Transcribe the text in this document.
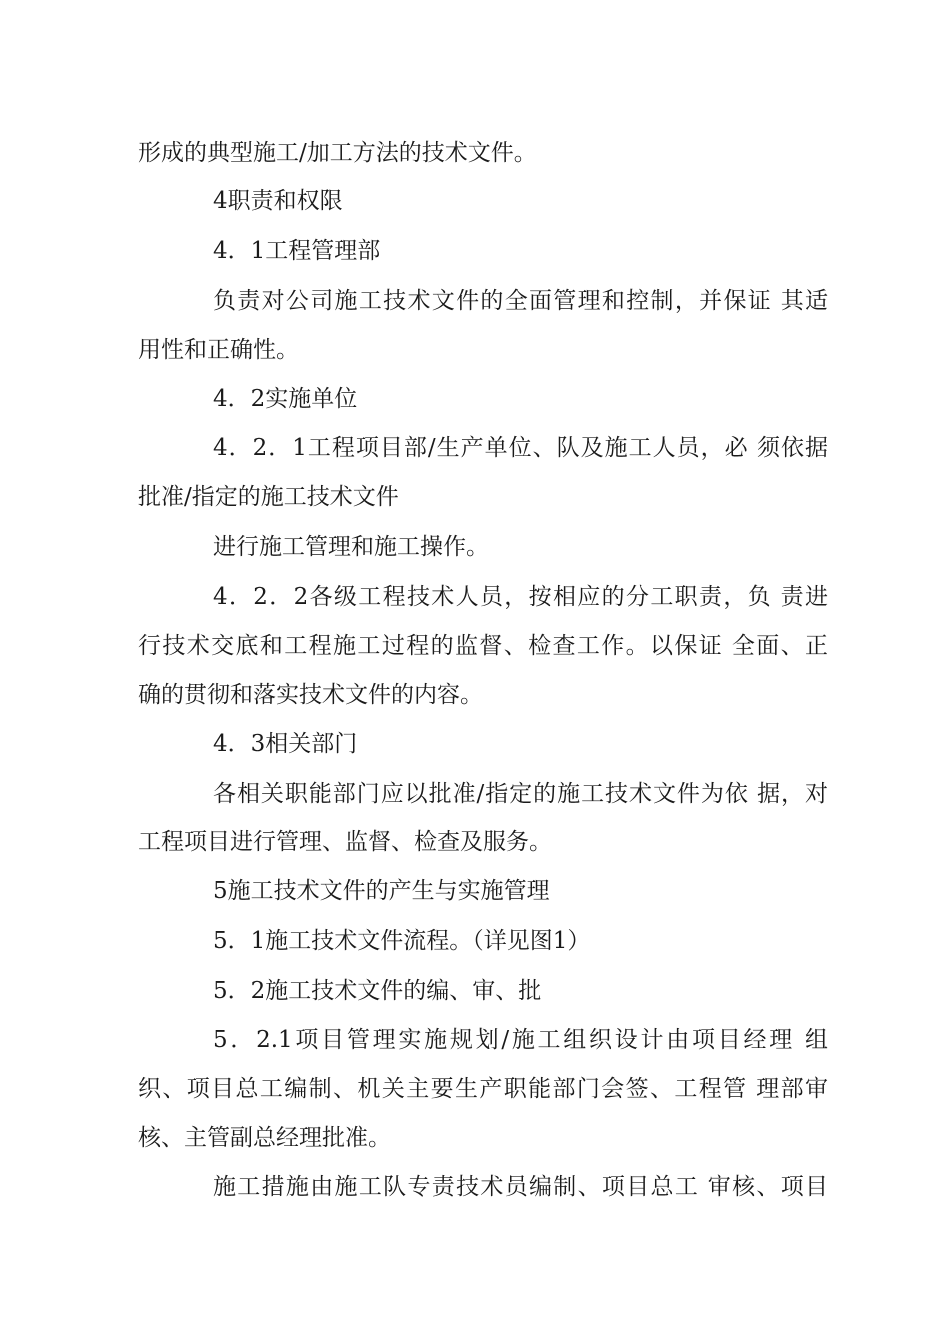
形成的典型施工/加工方法的技术文件。

4职责和权限

4．1工程管理部

负责对公司施工技术文件的全面管理和控制，并保证 其适

用性和正确性。

4．2实施单位

4．2．1工程项目部/生产单位、队及施工人员，必 须依据

批准/指定的施工技术文件

进行施工管理和施工操作。

4．2．2各级工程技术人员，按相应的分工职责，负 责进

行技术交底和工程施工过程的监督、检查工作。以保证 全面、正

确的贯彻和落实技术文件的内容。

4．3相关部门

各相关职能部门应以批准/指定的施工技术文件为依 据，对

工程项目进行管理、监督、检查及服务。

5施工技术文件的产生与实施管理

5．1施工技术文件流程。（详见图1）

5．2施工技术文件的编、审、批

5．2.1项目管理实施规划/施工组织设计由项目经理 组

织、项目总工编制、机关主要生产职能部门会签、工程管 理部审

核、主管副总经理批准。

施工措施由施工队专责技术员编制、项目总工 审核、项目
